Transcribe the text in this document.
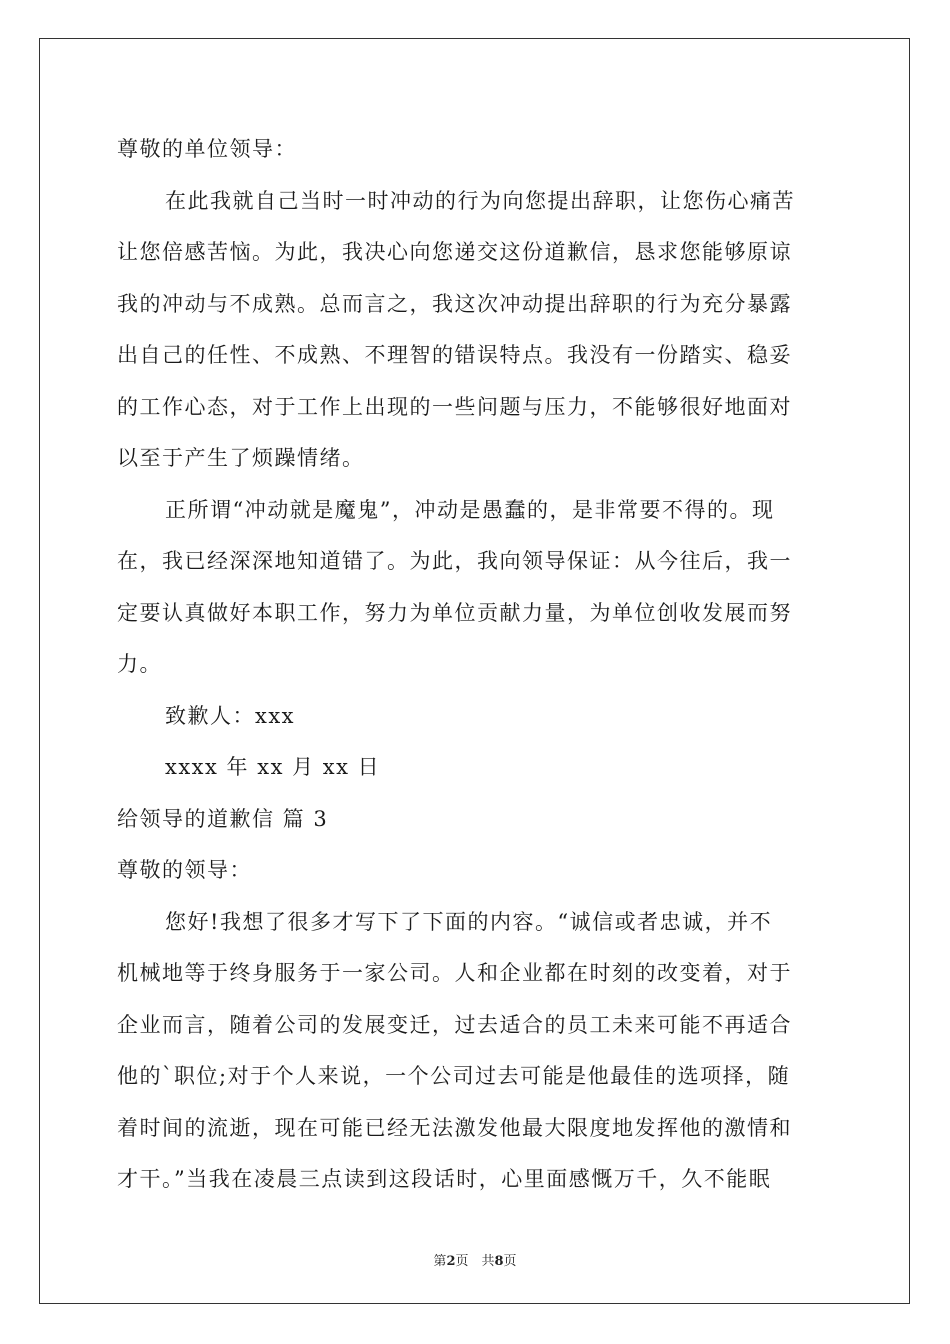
尊敬的单位领导：
在此我就自己当时一时冲动的行为向您提出辞职，让您伤心痛苦
让您倍感苦恼。为此，我决心向您递交这份道歉信，恳求您能够原谅
我的冲动与不成熟。总而言之，我这次冲动提出辞职的行为充分暴露
出自己的任性、不成熟、不理智的错误特点。我没有一份踏实、稳妥
的工作心态，对于工作上出现的一些问题与压力，不能够很好地面对
以至于产生了烦躁情绪。
正所谓“冲动就是魔鬼”，冲动是愚蠢的，是非常要不得的。现
在，我已经深深地知道错了。为此，我向领导保证：从今往后，我一
定要认真做好本职工作，努力为单位贡献力量，为单位创收发展而努
力。
致歉人：xxx
xxxx 年 xx 月 xx 日
给领导的道歉信 篇 3
尊敬的领导：
您好!我想了很多才写下了下面的内容。“诚信或者忠诚，并不
机械地等于终身服务于一家公司。人和企业都在时刻的改变着，对于
企业而言，随着公司的发展变迁，过去适合的员工未来可能不再适合
他的`职位;对于个人来说，一个公司过去可能是他最佳的选项择，随
着时间的流逝，现在可能已经无法激发他最大限度地发挥他的激情和
才干。”当我在凌晨三点读到这段话时，心里面感慨万千，久不能眠
第2页　共8页
